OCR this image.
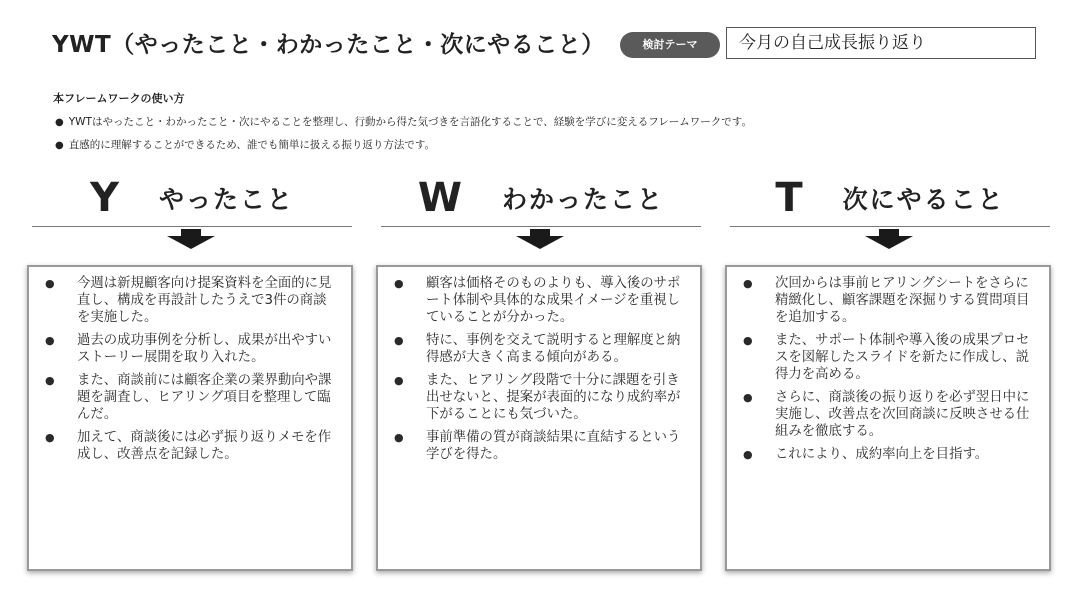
YWT（やったこと・わかったこと・次にやること）	検討テーマ	今月の自己成長振り返り
本フレームワークの使い方
● YWTはやったこと・わかったこと・次にやることを整理し、行動から得た気づきを言語化することで、経験を学びに変えるフレームワークです。
● 直感的に理解することができるため、誰でも簡単に扱える振り返り方法です。
Y やったこと
● 今週は新規顧客向け提案資料を全面的に見直し、構成を再設計したうえで3件の商談を実施した。
● 過去の成功事例を分析し、成果が出やすいストーリー展開を取り入れた。
● また、商談前には顧客企業の業界動向や課題を調査し、ヒアリング項目を整理して臨んだ。
● 加えて、商談後には必ず振り返りメモを作成し、改善点を記録した。
W わかったこと
● 顧客は価格そのものよりも、導入後のサポート体制や具体的な成果イメージを重視していることが分かった。
● 特に、事例を交えて説明すると理解度と納得感が大きく高まる傾向がある。
● また、ヒアリング段階で十分に課題を引き出せないと、提案が表面的になり成約率が下がることにも気づいた。
● 事前準備の質が商談結果に直結するという学びを得た。
T 次にやること
● 次回からは事前ヒアリングシートをさらに精緻化し、顧客課題を深掘りする質問項目を追加する。
● また、サポート体制や導入後の成果プロセスを図解したスライドを新たに作成し、説得力を高める。
● さらに、商談後の振り返りを必ず翌日中に実施し、改善点を次回商談に反映させる仕組みを徹底する。
● これにより、成約率向上を目指す。
